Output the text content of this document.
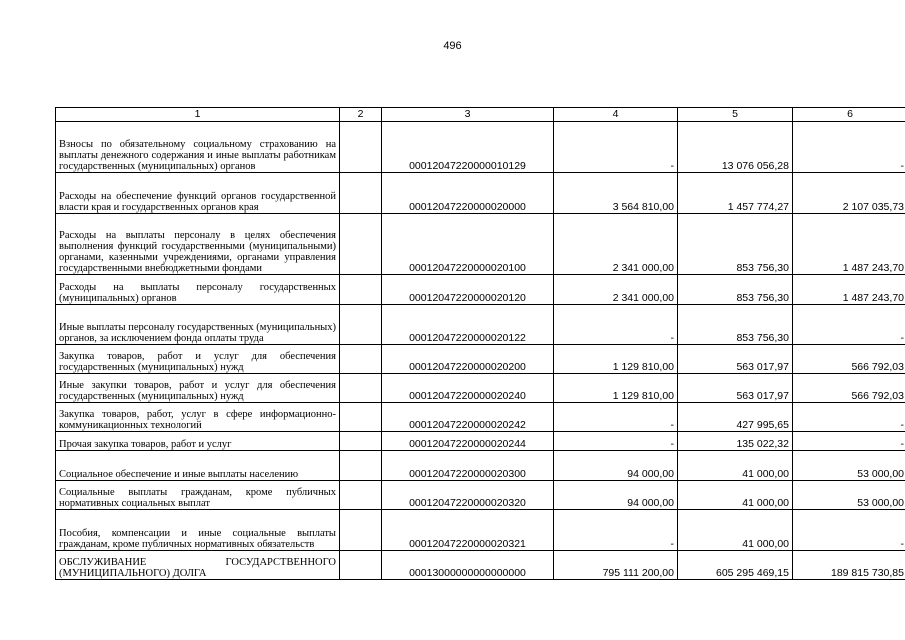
496
1	2	3	4	5	6
Взносы по обязательному социальному страхованию на выплаты денежного содержания и иные выплаты работникам государственных (муниципальных) органов		00012047220000010129	-	13 076 056,28	-
Расходы на обеспечение функций органов государственной власти края и государственных органов края		00012047220000020000	3 564 810,00	1 457 774,27	2 107 035,73
Расходы на выплаты персоналу в целях обеспечения выполнения функций государственными (муниципальными) органами, казенными учреждениями, органами управления государственными внебюджетными фондами		00012047220000020100	2 341 000,00	853 756,30	1 487 243,70
Расходы на выплаты персоналу государственных (муниципальных) органов		00012047220000020120	2 341 000,00	853 756,30	1 487 243,70
Иные выплаты персоналу государственных (муниципальных) органов, за исключением фонда оплаты труда		00012047220000020122	-	853 756,30	-
Закупка товаров, работ и услуг для обеспечения государственных (муниципальных) нужд		00012047220000020200	1 129 810,00	563 017,97	566 792,03
Иные закупки товаров, работ и услуг для обеспечения государственных (муниципальных) нужд		00012047220000020240	1 129 810,00	563 017,97	566 792,03
Закупка товаров, работ, услуг в сфере информационно-коммуникационных технологий		00012047220000020242	-	427 995,65	-
Прочая закупка товаров, работ и услуг		00012047220000020244	-	135 022,32	-
Социальное обеспечение и иные выплаты населению		00012047220000020300	94 000,00	41 000,00	53 000,00
Социальные выплаты гражданам, кроме публичных нормативных социальных выплат		00012047220000020320	94 000,00	41 000,00	53 000,00
Пособия, компенсации и иные социальные выплаты гражданам, кроме публичных нормативных обязательств		00012047220000020321	-	41 000,00	-
ОБСЛУЖИВАНИЕ ГОСУДАРСТВЕННОГО (МУНИЦИПАЛЬНОГО) ДОЛГА		00013000000000000000	795 111 200,00	605 295 469,15	189 815 730,85
